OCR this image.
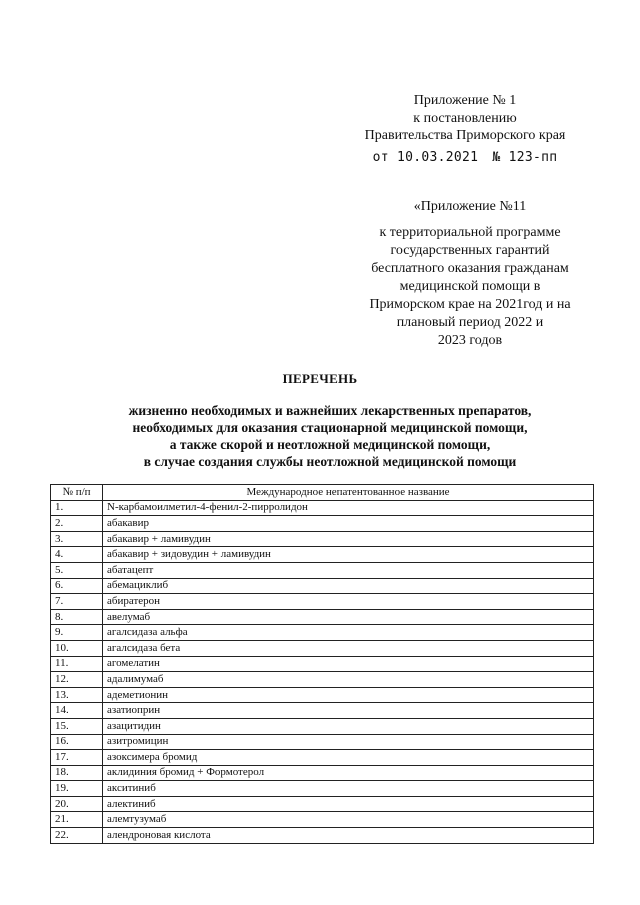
Приложение № 1
к постановлению
Правительства Приморского края
от 10.03.2021 № 123-пп
«Приложение №11
к территориальной программе
государственных гарантий
бесплатного оказания гражданам
медицинской помощи в
Приморском крае на 2021год и на
плановый период 2022 и
2023 годов
ПЕРЕЧЕНЬ
жизненно необходимых и важнейших лекарственных препаратов,
необходимых для оказания стационарной медицинской помощи,
а также скорой и неотложной медицинской помощи,
в случае создания службы неотложной медицинской помощи
№ п/п	Международное непатентованное название
1.	N-карбамоилметил-4-фенил-2-пирролидон
2.	абакавир
3.	абакавир + ламивудин
4.	абакавир + зидовудин + ламивудин
5.	абатацепт
6.	абемациклиб
7.	абиратерон
8.	авелумаб
9.	агалсидаза альфа
10.	агалсидаза бета
11.	агомелатин
12.	адалимумаб
13.	адеметионин
14.	азатиоприн
15.	азацитидин
16.	азитромицин
17.	азоксимера бромид
18.	аклидиния бромид + Формотерол
19.	акситиниб
20.	алектиниб
21.	алемтузумаб
22.	алендроновая кислота
